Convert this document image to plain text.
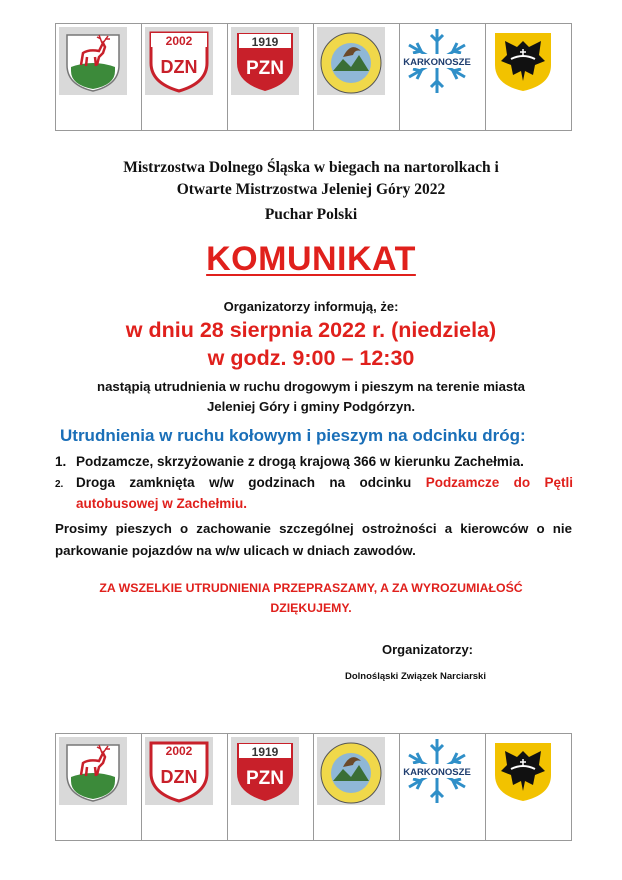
2002
DZN
1919
PZN	KARKONOSZE
Mistrzostwa Dolnego Śląska w biegach na nartorolkach i
Otwarte Mistrzostwa Jeleniej Góry 2022
Puchar Polski
KOMUNIKAT
Organizatorzy informują, że:
w dniu 28 sierpnia 2022 r. (niedziela)
w godz. 9:00 – 12:30
nastąpią utrudnienia w ruchu drogowym i pieszym na terenie miasta
Jeleniej Góry i gminy Podgórzyn.
Utrudnienia w ruchu kołowym i pieszym na odcinku dróg:
1. Podzamcze, skrzyżowanie z drogą krajową 366 w kierunku Zachełmia.
2. Droga zamknięta w/w godzinach na odcinku Podzamcze do Pętli autobusowej w Zachełmiu.
Prosimy pieszych o zachowanie szczególnej ostrożności a kierowców o nie parkowanie pojazdów na w/w ulicach w dniach zawodów.
ZA WSZELKIE UTRUDNIENIA PRZEPRASZAMY, A ZA WYROZUMIAŁOŚĆ
DZIĘKUJEMY.
Organizatorzy:
Dolnośląski Związek Narciarski
2002
DZN
1919
PZN	KARKONOSZE
